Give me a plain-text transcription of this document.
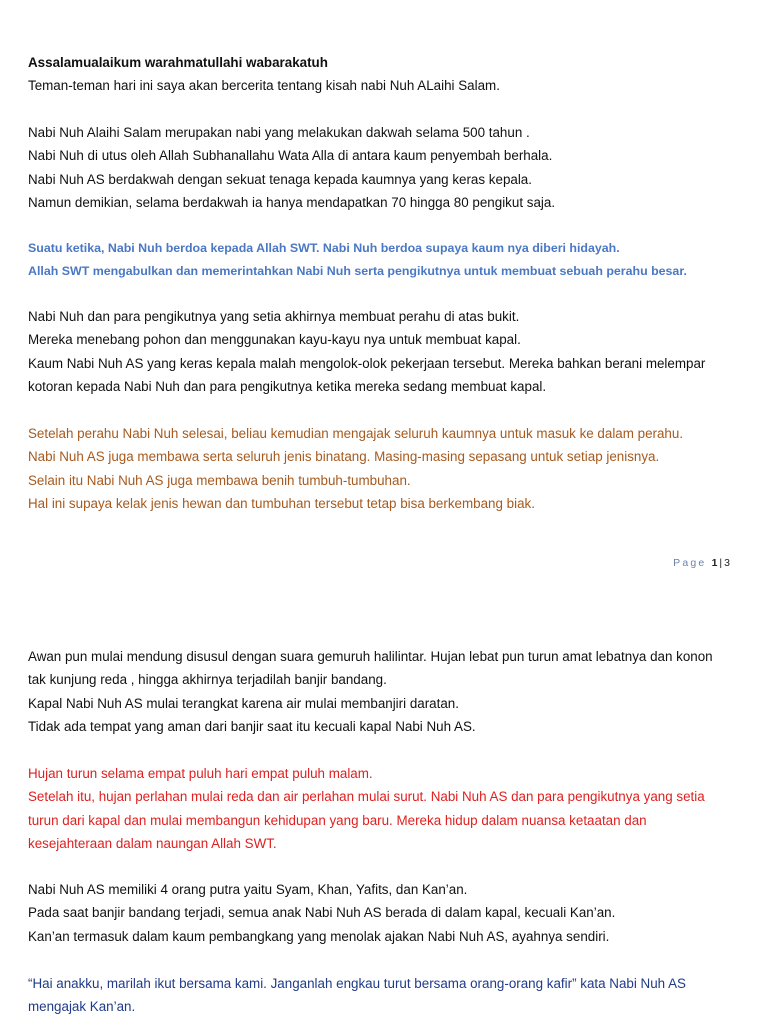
Assalamualaikum warahmatullahi wabarakatuh
Teman-teman hari ini saya akan bercerita tentang kisah nabi Nuh ALaihi Salam.
Nabi Nuh Alaihi Salam merupakan nabi yang melakukan dakwah selama 500 tahun .
Nabi Nuh di utus oleh Allah Subhanallahu Wata Alla di antara kaum penyembah berhala.
Nabi Nuh AS berdakwah dengan sekuat tenaga kepada kaumnya yang keras kepala.
Namun demikian, selama berdakwah ia hanya mendapatkan 70 hingga 80 pengikut saja.
Suatu ketika, Nabi Nuh berdoa kepada Allah SWT. Nabi Nuh berdoa supaya kaum nya diberi hidayah.
Allah SWT mengabulkan dan memerintahkan Nabi Nuh serta pengikutnya untuk membuat sebuah perahu besar.
Nabi Nuh dan para pengikutnya yang setia akhirnya membuat perahu di atas bukit.
Mereka menebang pohon dan menggunakan kayu-kayu nya untuk membuat kapal.
Kaum Nabi Nuh AS yang keras kepala malah mengolok-olok pekerjaan tersebut. Mereka bahkan berani melempar
kotoran kepada Nabi Nuh dan para pengikutnya ketika mereka sedang membuat kapal.
Setelah perahu Nabi Nuh selesai, beliau kemudian mengajak seluruh kaumnya untuk masuk ke dalam perahu.
Nabi Nuh AS juga membawa serta seluruh jenis binatang. Masing-masing sepasang untuk setiap jenisnya.
Selain itu Nabi Nuh AS juga membawa benih tumbuh-tumbuhan.
Hal ini supaya kelak jenis hewan dan tumbuhan tersebut tetap bisa berkembang biak.
Page 1 | 3
Awan pun mulai mendung disusul dengan suara gemuruh halilintar. Hujan lebat pun turun amat lebatnya dan konon
tak kunjung reda , hingga akhirnya terjadilah banjir bandang.
Kapal Nabi Nuh AS mulai terangkat karena air mulai membanjiri daratan.
Tidak ada tempat yang aman dari banjir saat itu kecuali kapal Nabi Nuh AS.
Hujan turun selama empat puluh hari empat puluh malam.
Setelah itu, hujan perlahan mulai reda dan air perlahan mulai surut. Nabi Nuh AS dan para pengikutnya yang setia
turun dari kapal dan mulai membangun kehidupan yang baru. Mereka hidup dalam nuansa ketaatan dan
kesejahteraan dalam naungan Allah SWT.
Nabi Nuh AS memiliki 4 orang putra yaitu Syam, Khan, Yafits, dan Kan’an.
Pada saat banjir bandang terjadi, semua anak Nabi Nuh AS berada di dalam kapal, kecuali Kan’an.
Kan’an termasuk dalam kaum pembangkang yang menolak ajakan Nabi Nuh AS, ayahnya sendiri.
“Hai anakku, marilah ikut bersama kami. Janganlah engkau turut bersama orang-orang kafir” kata Nabi Nuh AS
mengajak Kan’an.
